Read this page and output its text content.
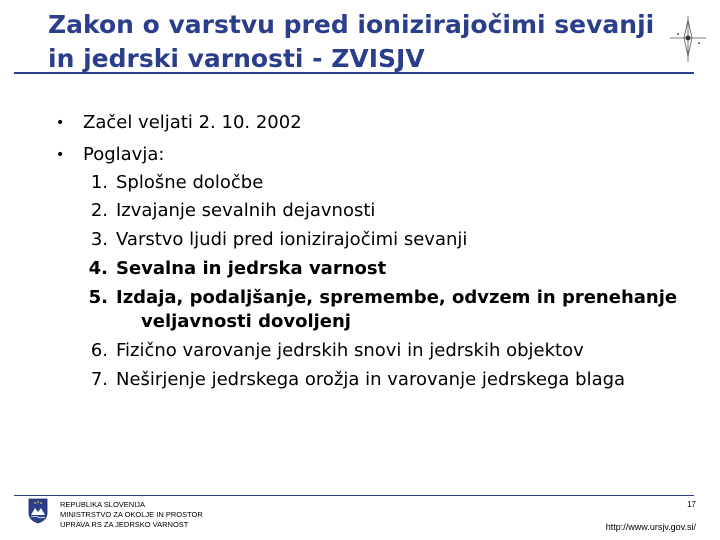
Zakon o varstvu pred ionizirajočimi sevanji
in jedrski varnosti - ZVISJV
• Začel veljati 2. 10. 2002
• Poglavja:
1. Splošne določbe
2. Izvajanje sevalnih dejavnosti
3. Varstvo ljudi pred ionizirajočimi sevanji
4. Sevalna in jedrska varnost
5. Izdaja, podaljšanje, spremembe, odvzem in prenehanje
veljavnosti dovoljenj
6. Fizično varovanje jedrskih snovi in jedrskih objektov
7. Neširjenje jedrskega orožja in varovanje jedrskega blaga
REPUBLIKA SLOVENIJA
MINISTRSTVO ZA OKOLJE IN PROSTOR
UPRAVA RS ZA JEDRSKO VARNOST
17
http://www.ursjv.gov.si/
